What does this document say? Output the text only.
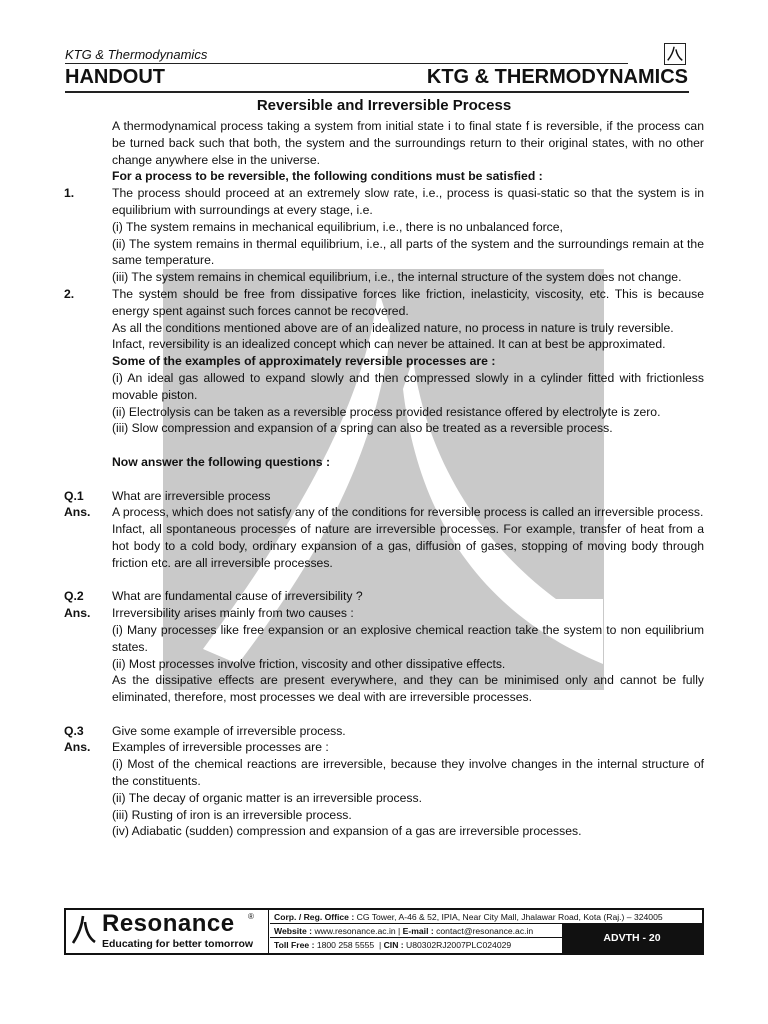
KTG & Thermodynamics
HANDOUT	KTG & THERMODYNAMICS
Reversible and Irreversible Process
A thermodynamical process taking a system from initial state i to final state f is reversible, if the process can be turned back such that both, the system and the surroundings return to their original states, with no other change anywhere else in the universe.
For a process to be reversible, the following conditions must be satisfied :
1.	The process should proceed at an extremely slow rate, i.e., process is quasi-static so that the system is in equilibrium with surroundings at every stage, i.e.
(i) The system remains in mechanical equilibrium, i.e., there is no unbalanced force,
(ii) The system remains in thermal equilibrium, i.e., all parts of the system and the surroundings remain at the same temperature.
(iii) The system remains in chemical equilibrium, i.e., the internal structure of the system does not change.
2.	The system should be free from dissipative forces like friction, inelasticity, viscosity, etc. This is because energy spent against such forces cannot be recovered.
As all the conditions mentioned above are of an idealized nature, no process in nature is truly reversible.
Infact, reversibility is an idealized concept which can never be attained. It can at best be approximated.
Some of the examples of approximately reversible processes are :
(i) An ideal gas allowed to expand slowly and then compressed slowly in a cylinder fitted with frictionless movable piston.
(ii) Electrolysis can be taken as a reversible process provided resistance offered by electrolyte is zero.
(iii) Slow compression and expansion of a spring can also be treated as a reversible process.
Now answer the following questions :
Q.1	What are irreversible process
Ans.	A process, which does not satisfy any of the conditions for reversible process is called an irreversible process.
Infact, all spontaneous processes of nature are irreversible processes. For example, transfer of heat from a hot body to a cold body, ordinary expansion of a gas, diffusion of gases, stopping of moving body through friction etc. are all irreversible processes.
Q.2	What are fundamental cause of irreversibility ?
Ans.	Irreversibility arises mainly from two causes :
(i) Many processes like free expansion or an explosive chemical reaction take the system to non equilibrium states.
(ii) Most processes involve friction, viscosity and other dissipative effects.
As the dissipative effects are present everywhere, and they can be minimised only and cannot be fully eliminated, therefore, most processes we deal with are irreversible processes.
Q.3	Give some example of irreversible process.
Ans.	Examples of irreversible processes are :
(i) Most of the chemical reactions are irreversible, because they involve changes in the internal structure of the constituents.
(ii) The decay of organic matter is an irreversible process.
(iii) Rusting of iron is an irreversible process.
(iv) Adiabatic (sudden) compression and expansion of a gas are irreversible processes.
Resonance ®
Educating for better tomorrow
Corp. / Reg. Office : CG Tower, A-46 & 52, IPIA, Near City Mall, Jhalawar Road, Kota (Raj.) – 324005
Website : www.resonance.ac.in | E-mail : contact@resonance.ac.in
Toll Free : 1800 258 5555  | CIN : U80302RJ2007PLC024029
ADVTH - 20
